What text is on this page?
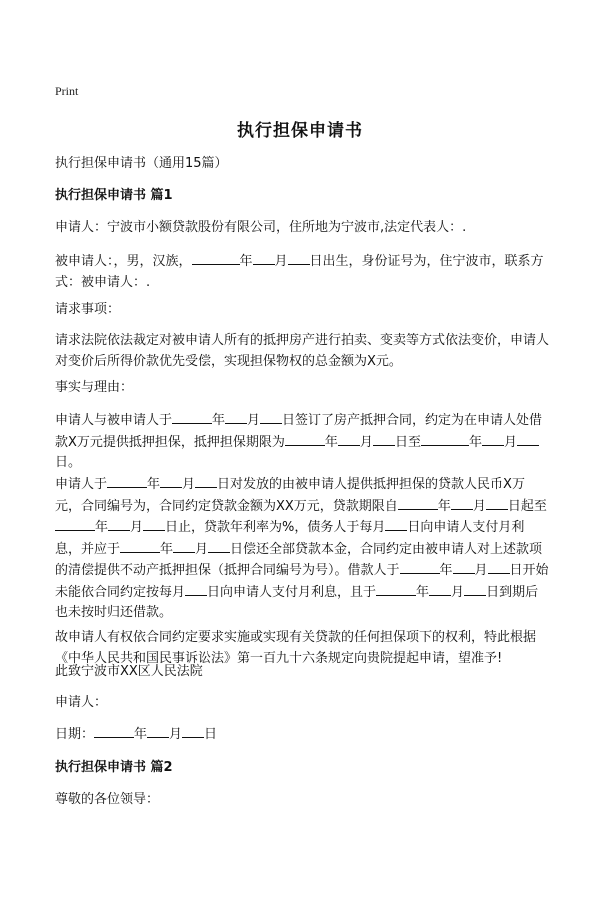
Print
执行担保申请书
执行担保申请书（通用15篇）
执行担保申请书 篇1
申请人：宁波市小额贷款股份有限公司，住所地为宁波市,法定代表人：.
被申请人：，男，汉族，	年 月 日出生，身份证号为，住宁波市，联系方式：被申请人：.
请求事项：
请求法院依法裁定对被申请人所有的抵押房产进行拍卖、变卖等方式依法变价，申请人对变价后所得价款优先受偿，实现担保物权的总金额为X元。
事实与理由：
申请人与被申请人于	年 月 日签订了房产抵押合同，约定为在申请人处借款X万元提供抵押担保，抵押担保期限为	年 月 日至	年 月日。
申请人于	年 月 日对发放的由被申请人提供抵押担保的贷款人民币X万元，合同编号为，合同约定贷款金额为XX万元，贷款期限自	年 月 日起至年 月 日止，贷款年利率为%，债务人于每月 日向申请人支付月利息，并应于	年 月 日偿还全部贷款本金，合同约定由被申请人对上述款项的清偿提供不动产抵押担保（抵押合同编号为号）。借款人于	年 月 日开始未能依合同约定按每月 日向申请人支付月利息，且于	年 月 日到期后也未按时归还借款。
故申请人有权依合同约定要求实施或实现有关贷款的任何担保项下的权利，特此根据《中华人民共和国民事诉讼法》第一百九十六条规定向贵院提起申请，望准予!
此致宁波市XX区人民法院
申请人：
日期：	年 月 日
执行担保申请书 篇2
尊敬的各位领导：
